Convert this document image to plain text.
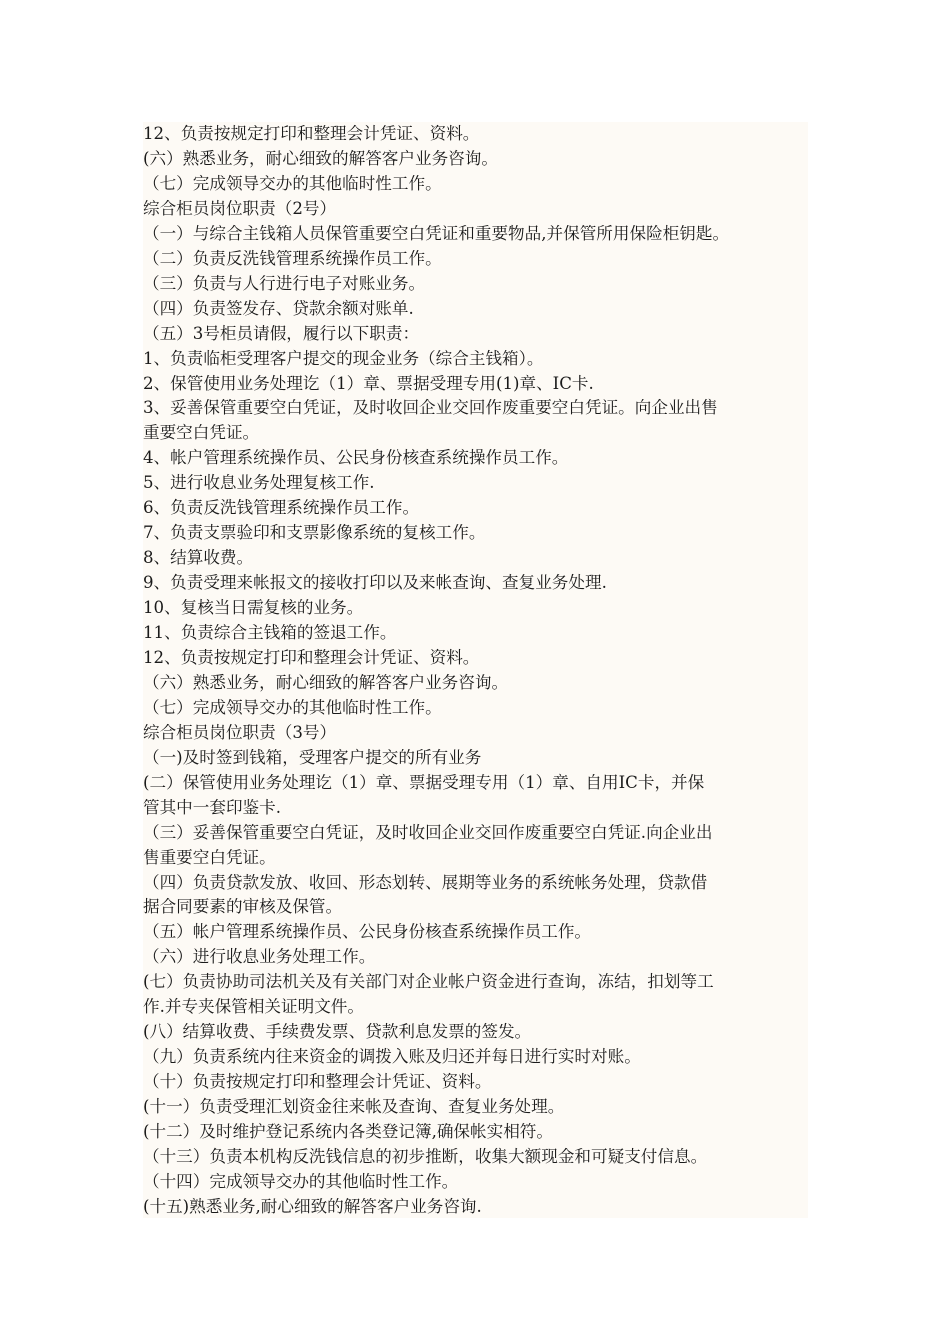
12、负责按规定打印和整理会计凭证、资料。
(六）熟悉业务，耐心细致的解答客户业务咨询。
（七）完成领导交办的其他临时性工作。
综合柜员岗位职责（2号）
（一）与综合主钱箱人员保管重要空白凭证和重要物品,并保管所用保险柜钥匙。
（二）负责反洗钱管理系统操作员工作。
（三）负责与人行进行电子对账业务。
（四）负责签发存、贷款余额对账单.
（五）3号柜员请假，履行以下职责：
1、负责临柜受理客户提交的现金业务（综合主钱箱）。
2、保管使用业务处理讫（1）章、票据受理专用(1)章、IC卡.
3、妥善保管重要空白凭证，及时收回企业交回作废重要空白凭证。向企业出售
重要空白凭证。
4、帐户管理系统操作员、公民身份核查系统操作员工作。
5、进行收息业务处理复核工作.
6、负责反洗钱管理系统操作员工作。
7、负责支票验印和支票影像系统的复核工作。
8、结算收费。
9、负责受理来帐报文的接收打印以及来帐查询、查复业务处理.
10、复核当日需复核的业务。
11、负责综合主钱箱的签退工作。
12、负责按规定打印和整理会计凭证、资料。
（六）熟悉业务，耐心细致的解答客户业务咨询。
（七）完成领导交办的其他临时性工作。
综合柜员岗位职责（3号）
（一)及时签到钱箱，受理客户提交的所有业务
(二）保管使用业务处理讫（1）章、票据受理专用（1）章、自用IC卡，并保
管其中一套印鉴卡.
（三）妥善保管重要空白凭证，及时收回企业交回作废重要空白凭证.向企业出
售重要空白凭证。
（四）负责贷款发放、收回、形态划转、展期等业务的系统帐务处理，贷款借
据合同要素的审核及保管。
（五）帐户管理系统操作员、公民身份核查系统操作员工作。
（六）进行收息业务处理工作。
(七）负责协助司法机关及有关部门对企业帐户资金进行查询，冻结，扣划等工
作.并专夹保管相关证明文件。
(八）结算收费、手续费发票、贷款利息发票的签发。
（九）负责系统内往来资金的调拨入账及归还并每日进行实时对账。
（十）负责按规定打印和整理会计凭证、资料。
(十一）负责受理汇划资金往来帐及查询、查复业务处理。
(十二）及时维护登记系统内各类登记簿,确保帐实相符。
（十三）负责本机构反洗钱信息的初步推断，收集大额现金和可疑支付信息。
（十四）完成领导交办的其他临时性工作。
(十五)熟悉业务,耐心细致的解答客户业务咨询.
